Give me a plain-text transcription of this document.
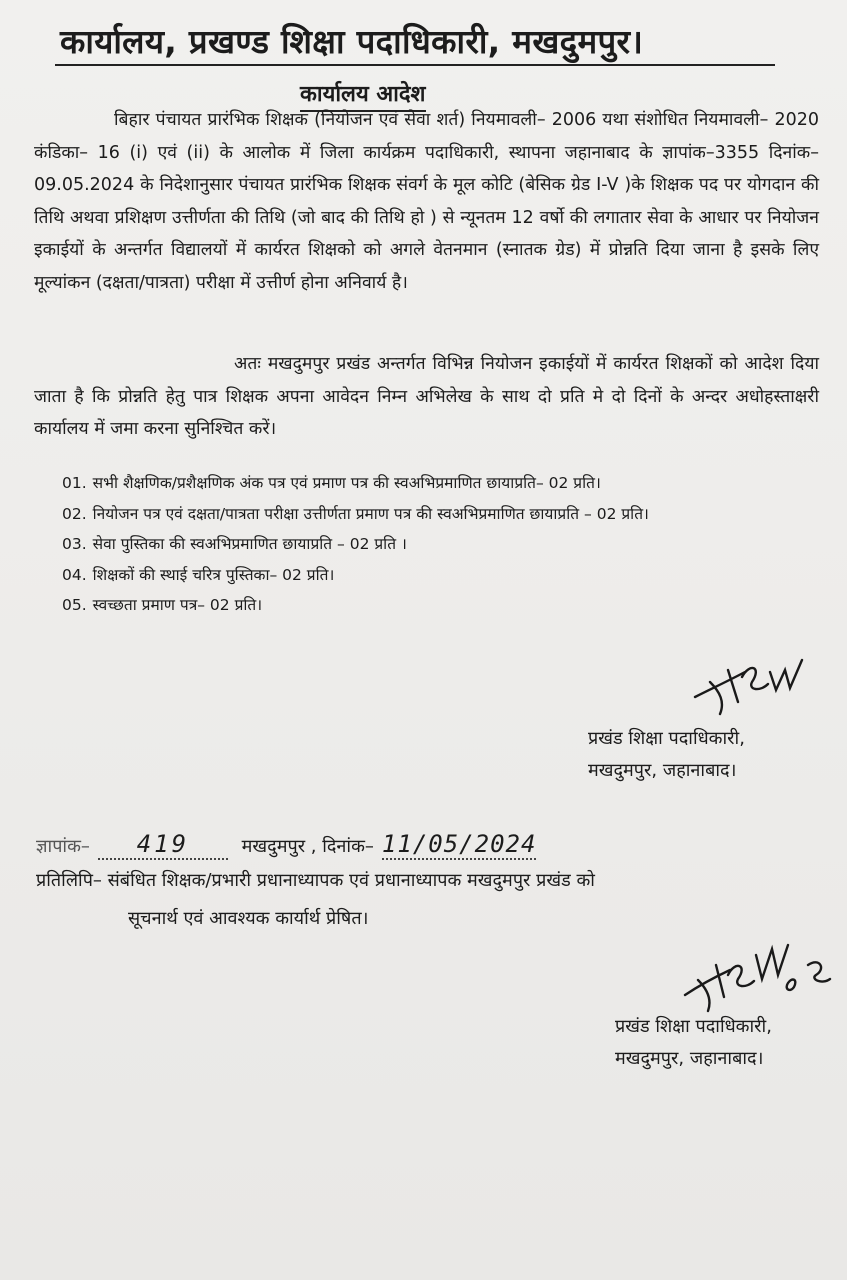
कार्यालय, प्रखण्ड शिक्षा पदाधिकारी, मखदुमपुर।
कार्यालय आदेश

बिहार पंचायत प्रारंभिक शिक्षक (नियोजन एवं सेवा शर्त) नियमावली– 2006 यथा संशोधित नियमावली– 2020 कंडिका– 16 (i) एवं (ii) के आलोक में जिला कार्यक्रम पदाधिकारी, स्थापना जहानाबाद के ज्ञापांक–3355 दिनांक–09.05.2024 के निदेशानुसार पंचायत प्रारंभिक शिक्षक संवर्ग के मूल कोटि (बेसिक ग्रेड I-V )के शिक्षक पद पर योगदान की तिथि अथवा प्रशिक्षण उत्तीर्णता की तिथि (जो बाद की तिथि हो ) से न्यूनतम 12 वर्षो की लगातार सेवा के आधार पर नियोजन इकाईयों के अन्तर्गत विद्यालयों में कार्यरत शिक्षको को अगले वेतनमान (स्नातक ग्रेड) में प्रोन्नति दिया जाना है इसके लिए मूल्यांकन (दक्षता/पात्रता) परीक्षा में उत्तीर्ण होना अनिवार्य है।

अतः मखदुमपुर प्रखंड अन्तर्गत विभिन्न नियोजन इकाईयों में कार्यरत शिक्षकों को आदेश दिया जाता है कि प्रोन्नति हेतु पात्र शिक्षक अपना आवेदन निम्न अभिलेख के साथ दो प्रति मे दो दिनों के अन्दर अधोहस्ताक्षरी कार्यालय में जमा करना सुनिश्चित करें।

01. सभी शैक्षणिक/प्रशैक्षणिक अंक पत्र एवं प्रमाण पत्र की स्वअभिप्रमाणित छायाप्रति– 02 प्रति।
02. नियोजन पत्र एवं दक्षता/पात्रता परीक्षा उत्तीर्णता प्रमाण पत्र की स्वअभिप्रमाणित छायाप्रति – 02 प्रति।
03. सेवा पुस्तिका की स्वअभिप्रमाणित छायाप्रति – 02 प्रति ।
04. शिक्षकों की स्थाई चरित्र पुस्तिका– 02 प्रति।
05. स्वच्छता प्रमाण पत्र– 02 प्रति।
प्रखंड शिक्षा पदाधिकारी,
मखदुमपुर, जहानाबाद।
ज्ञापांक– 419	मखदुमपुर , दिनांक– 11/05/2024
प्रतिलिपि– संबंधित शिक्षक/प्रभारी प्रधानाध्यापक एवं प्रधानाध्यापक मखदुमपुर प्रखंड को
सूचनार्थ एवं आवश्यक कार्यार्थ प्रेषित।
प्रखंड शिक्षा पदाधिकारी,
मखदुमपुर, जहानाबाद।
